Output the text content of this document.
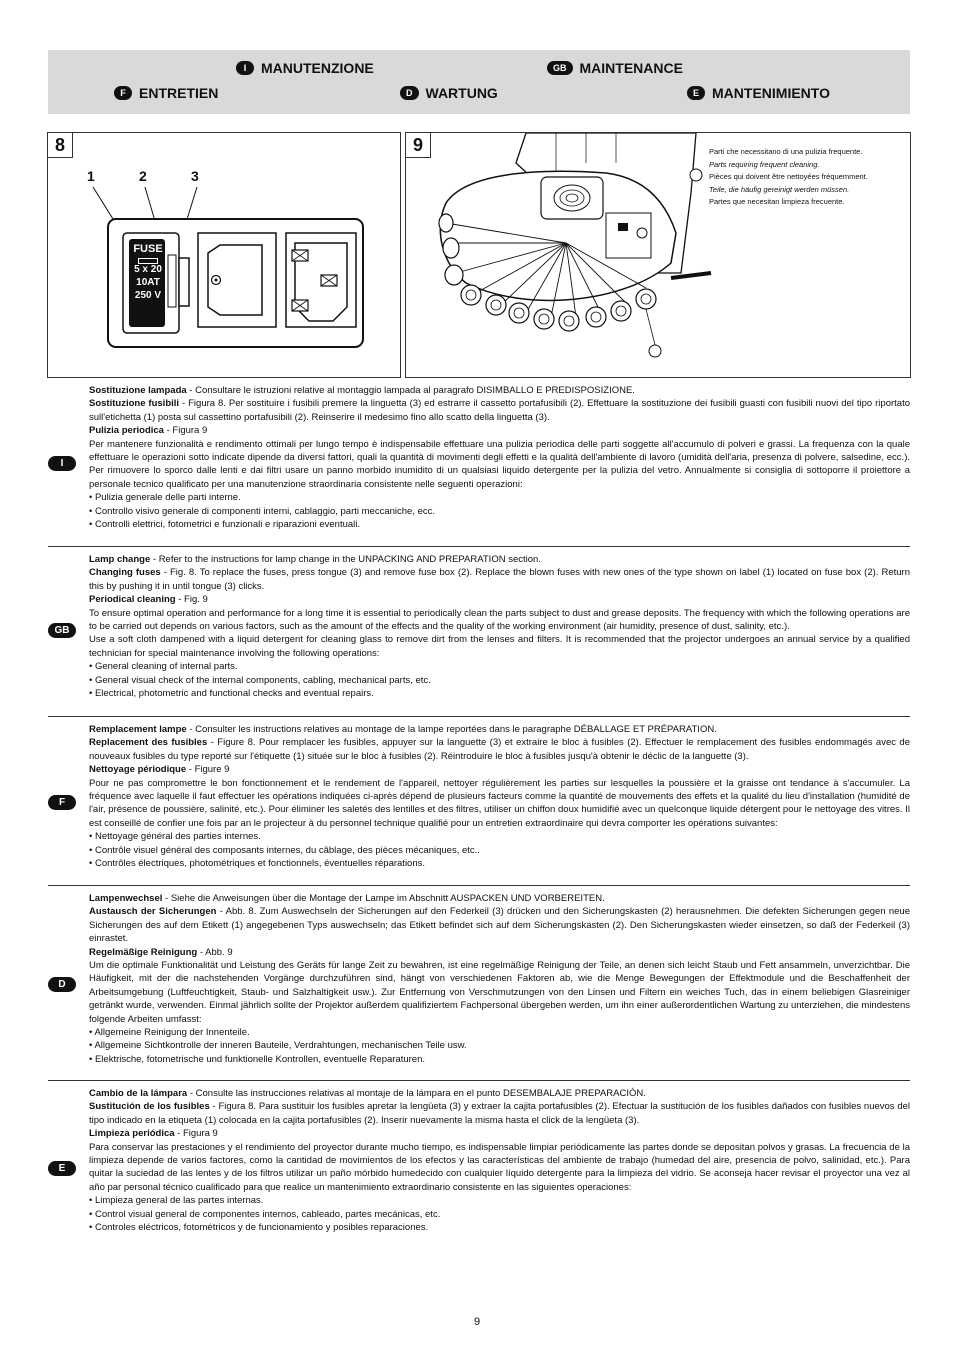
I	MANUTENZIONE	GB MAINTENANCE
F ENTRETIEN	D WARTUNG	E MANTENIMIENTO
8
1	2	3
FUSE
5 x 20
10AT
250 V
9	Parti che necessitano di una pulizia frequente.
Parts requiring frequent cleaning.
Pièces qui doivent être nettoyées fréquemment.
Teile, die häufig gereinigt werden müssen.
Partes que necesitan limpieza frecuente.
I

Sostituzione lampada - Consultare le istruzioni relative al montaggio lampada al paragrafo DISIMBALLO E PREDISPOSIZIONE.

Sostituzione fusibili - Figura 8. Per sostituire i fusibili premere la linguetta (3) ed estrarre il cassetto portafusibili (2). Effettuare la sostituzione dei fusibili guasti con fusibili nuovi del tipo riportato sull'etichetta (1) posta sul cassettino portafusibili (2). Reinserire il medesimo fino allo scatto della linguetta (3).

Pulizia periodica - Figura 9

Per mantenere funzionalità e rendimento ottimali per lungo tempo è indispensabile effettuare una pulizia periodica delle parti soggette all'accumulo di polveri e grassi. La frequenza con la quale effettuare le operazioni sotto indicate dipende da diversi fattori, quali la quantità di movimenti degli effetti e la qualità dell'ambiente di lavoro (umidità dell'aria, presenza di polvere, salsedine, ecc.). Per rimuovere lo sporco dalle lenti e dai filtri usare un panno morbido inumidito di un qualsiasi liquido detergente per la pulizia del vetro. Annualmente si consiglia di sottoporre il proiettore a personale tecnico qualificato per una manutenzione straordinaria consistente nelle seguenti operazioni:

• Pulizia generale delle parti interne.

• Controllo visivo generale di componenti interni, cablaggio, parti meccaniche, ecc.

• Controlli elettrici, fotometrici e funzionali e riparazioni eventuali.

GB

Lamp change - Refer to the instructions for lamp change in the UNPACKING AND PREPARATION section.

Changing fuses - Fig. 8. To replace the fuses, press tongue (3) and remove fuse box (2). Replace the blown fuses with new ones of the type shown on label (1) located on fuse box (2). Return this by pushing it in until tongue (3) clicks.

Periodical cleaning - Fig. 9

To ensure optimal operation and performance for a long time it is essential to periodically clean the parts subject to dust and grease deposits. The frequency with which the following operations are to be carried out depends on various factors, such as the amount of the effects and the quality of the working environment (air humidity, presence of dust, salinity, etc.).

Use a soft cloth dampened with a liquid detergent for cleaning glass to remove dirt from the lenses and filters. It is recommended that the projector undergoes an annual service by a qualified technician for special maintenance involving the following operations:

• General cleaning of internal parts.

• General visual check of the internal components, cabling, mechanical parts, etc.

• Electrical, photometric and functional checks and eventual repairs.

F

Remplacement lampe - Consulter les instructions relatives au montage de la lampe reportées dans le paragraphe DÉBALLAGE ET PRÉPARATION.

Replacement des fusibles - Figure 8. Pour remplacer les fusibles, appuyer sur la languette (3) et extraire le bloc à fusibles (2). Effectuer le remplacement des fusibles endommagés avec de nouveaux fusibles du type reporté sur l'étiquette (1) située sur le bloc à fusibles (2). Réintroduire le bloc à fusibles jusqu'à obtenir le déclic de la languette (3).

Nettoyage périodique - Figure 9

Pour ne pas compromettre le bon fonctionnement et le rendement de l'appareil, nettoyer régulièrement les parties sur lesquelles la poussière et la graisse ont tendance à s'accumuler. La fréquence avec laquelle il faut effectuer les opérations indiquées ci-après dépend de plusieurs facteurs comme la quantité de mouvements des effets et la qualité du lieu d'installation (humidité de l'air, présence de poussière, salinité, etc.). Pour éliminer les saletés des lentilles et des filtres, utiliser un chiffon doux humidifié avec un quelconque liquide détergent pour le nettoyage des vitres. Il est conseillé de confier une fois par an le projecteur à du personnel technique qualifié pour un entretien extraordinaire qui devra comporter les opérations suivantes:

• Nettoyage général des parties internes.

• Contrôle visuel général des composants internes, du câblage, des pièces mécaniques, etc..

• Contrôles électriques, photométriques et fonctionnels, éventuelles réparations.

D

Lampenwechsel - Siehe die Anweisungen über die Montage der Lampe im Abschnitt AUSPACKEN UND VORBEREITEN.

Austausch der Sicherungen - Abb. 8. Zum Auswechseln der Sicherungen auf den Federkeil (3) drücken und den Sicherungskasten (2) herausnehmen. Die defekten Sicherungen gegen neue Sicherungen des auf dem Etikett (1) angegebenen Typs auswechseln; das Etikett befindet sich auf dem Sicherungskasten (2). Den Sicherungskasten wieder einsetzen, so daß der Federkeil (3) einrastet.

Regelmäßige Reinigung - Abb. 9

Um die optimale Funktionalität und Leistung des Geräts für lange Zeit zu bewahren, ist eine regelmäßige Reinigung der Teile, an denen sich leicht Staub und Fett ansammeln, unverzichtbar. Die Häufigkeit, mit der die nachstehenden Vorgänge durchzuführen sind, hängt von verschiedenen Faktoren ab, wie die Menge Bewegungen der Effektmodule und die Beschaffenheit der Arbeitsumgebung (Luftfeuchtigkeit, Staub- und Salzhaltigkeit usw.). Zur Entfernung von Verschmutzungen von den Linsen und Filtern ein weiches Tuch, das in einem beliebigen Glasreiniger getränkt wurde, verwenden. Einmal jährlich sollte der Projektor außerdem qualifiziertem Fachpersonal übergeben werden, um ihn einer außerordentlichen Wartung zu unterziehen, die mindestens folgende Arbeiten umfasst:

• Allgemeine Reinigung der Innenteile.

• Allgemeine Sichtkontrolle der inneren Bauteile, Verdrahtungen, mechanischen Teile usw.

• Elektrische, fotometrische und funktionelle Kontrollen, eventuelle Reparaturen.

E

Cambio de la lámpara - Consulte las instrucciones relativas al montaje de la lámpara en el punto DESEMBALAJE PREPARACIÓN.

Sustitución de los fusibles - Figura 8. Para sustituir los fusibles apretar la lengüeta (3) y extraer la cajita portafusibles (2). Efectuar la sustitución de los fusibles dañados con fusibles nuevos del tipo indicado en la etiqueta (1) colocada en la cajita portafusibles (2). Inserir nuevamente la misma hasta el click de la lengüeta (3).

Limpieza periódica - Figura 9

Para conservar las prestaciones y el rendimiento del proyector durante mucho tiempo, es indispensable limpiar periódicamente las partes donde se depositan polvos y grasas. La frecuencia de la limpieza depende de varios factores, como la cantidad de movimientos de los efectos y las características del ambiente de trabajo (humedad del aire, presencia de polvo, salinidad, etc.). Para quitar la suciedad de las lentes y de los filtros utilizar un paño mórbido humedecido con cualquier líquido detergente para la limpieza del vidrio. Se aconseja hacer revisar el proyector una vez al año par personal técnico cualificado para que realice un mantenimiento extraordinario consistente en las siguientes operaciones:

• Limpieza general de las partes internas.

• Control visual general de componentes internos, cableado, partes mecánicas, etc.

• Controles eléctricos, fotométricos y de funcionamiento y posibles reparaciones.

9
